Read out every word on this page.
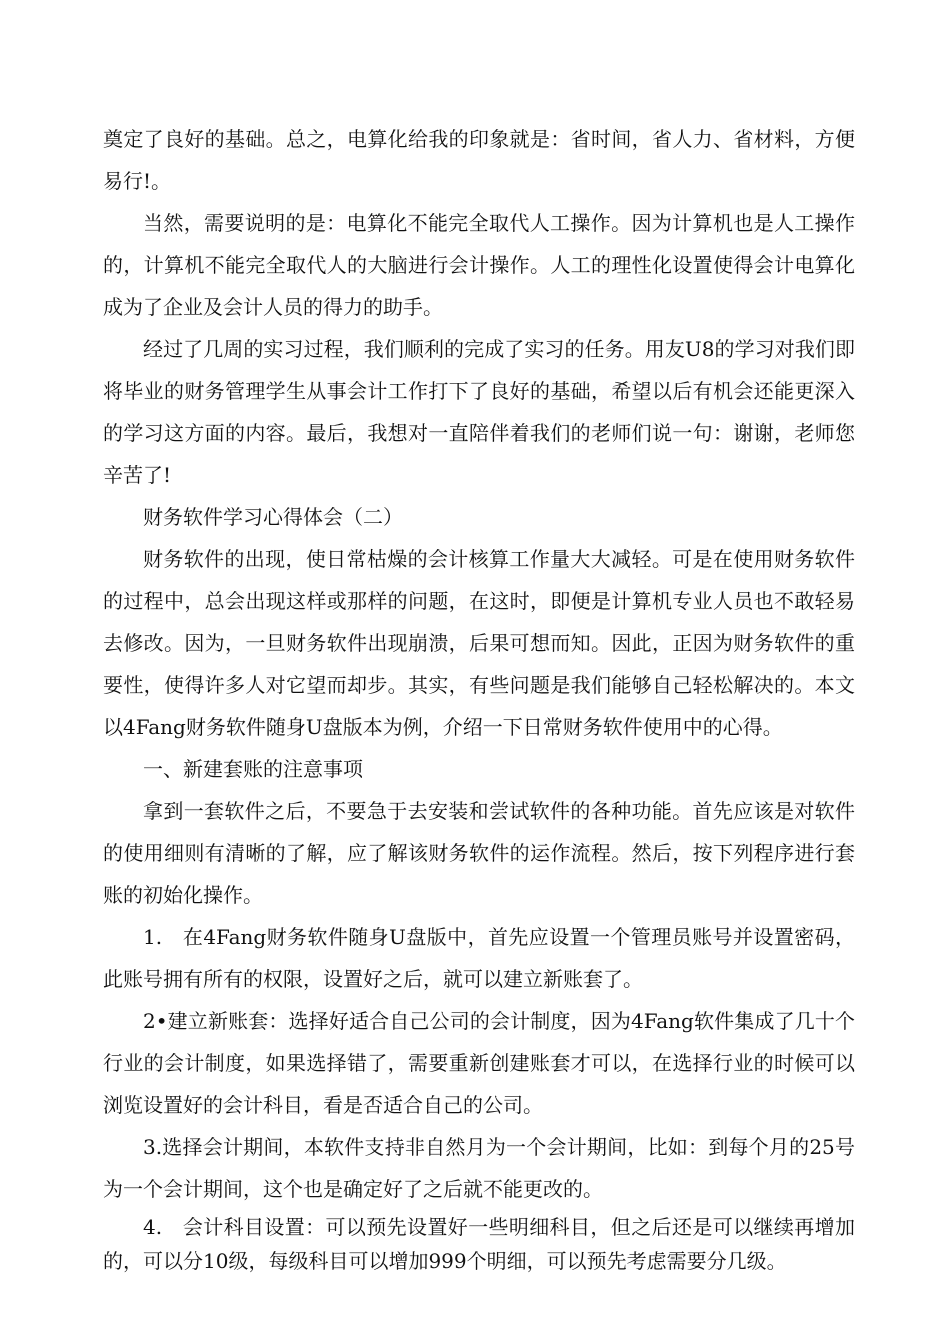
奠定了良好的基础。总之，电算化给我的印象就是：省时间，省人力、省材料，方便易行!。

当然，需要说明的是：电算化不能完全取代人工操作。因为计算机也是人工操作的，计算机不能完全取代人的大脑进行会计操作。人工的理性化设置使得会计电算化成为了企业及会计人员的得力的助手。

经过了几周的实习过程，我们顺利的完成了实习的任务。用友U8的学习对我们即将毕业的财务管理学生从事会计工作打下了良好的基础，希望以后有机会还能更深入的学习这方面的内容。最后，我想对一直陪伴着我们的老师们说一句：谢谢，老师您辛苦了!

财务软件学习心得体会（二）

财务软件的出现，使日常枯燥的会计核算工作量大大减轻。可是在使用财务软件的过程中，总会出现这样或那样的问题，在这时，即便是计算机专业人员也不敢轻易去修改。因为，一旦财务软件出现崩溃，后果可想而知。因此，正因为财务软件的重要性，使得许多人对它望而却步。其实，有些问题是我们能够自己轻松解决的。本文以4Fang财务软件随身U盘版本为例，介绍一下日常财务软件使用中的心得。

一、新建套账的注意事项

拿到一套软件之后，不要急于去安装和尝试软件的各种功能。首先应该是对软件的使用细则有清晰的了解，应了解该财务软件的运作流程。然后，按下列程序进行套账的初始化操作。

1.　在4Fang财务软件随身U盘版中，首先应设置一个管理员账号并设置密码，此账号拥有所有的权限，设置好之后，就可以建立新账套了。

2•建立新账套：选择好适合自己公司的会计制度，因为4Fang软件集成了几十个行业的会计制度，如果选择错了，需要重新创建账套才可以，在选择行业的时候可以浏览设置好的会计科目，看是否适合自己的公司。

3.选择会计期间，本软件支持非自然月为一个会计期间，比如：到每个月的25号为一个会计期间，这个也是确定好了之后就不能更改的。

4.　会计科目设置：可以预先设置好一些明细科目，但之后还是可以继续再增加的，可以分10级，每级科目可以增加999个明细，可以预先考虑需要分几级。
